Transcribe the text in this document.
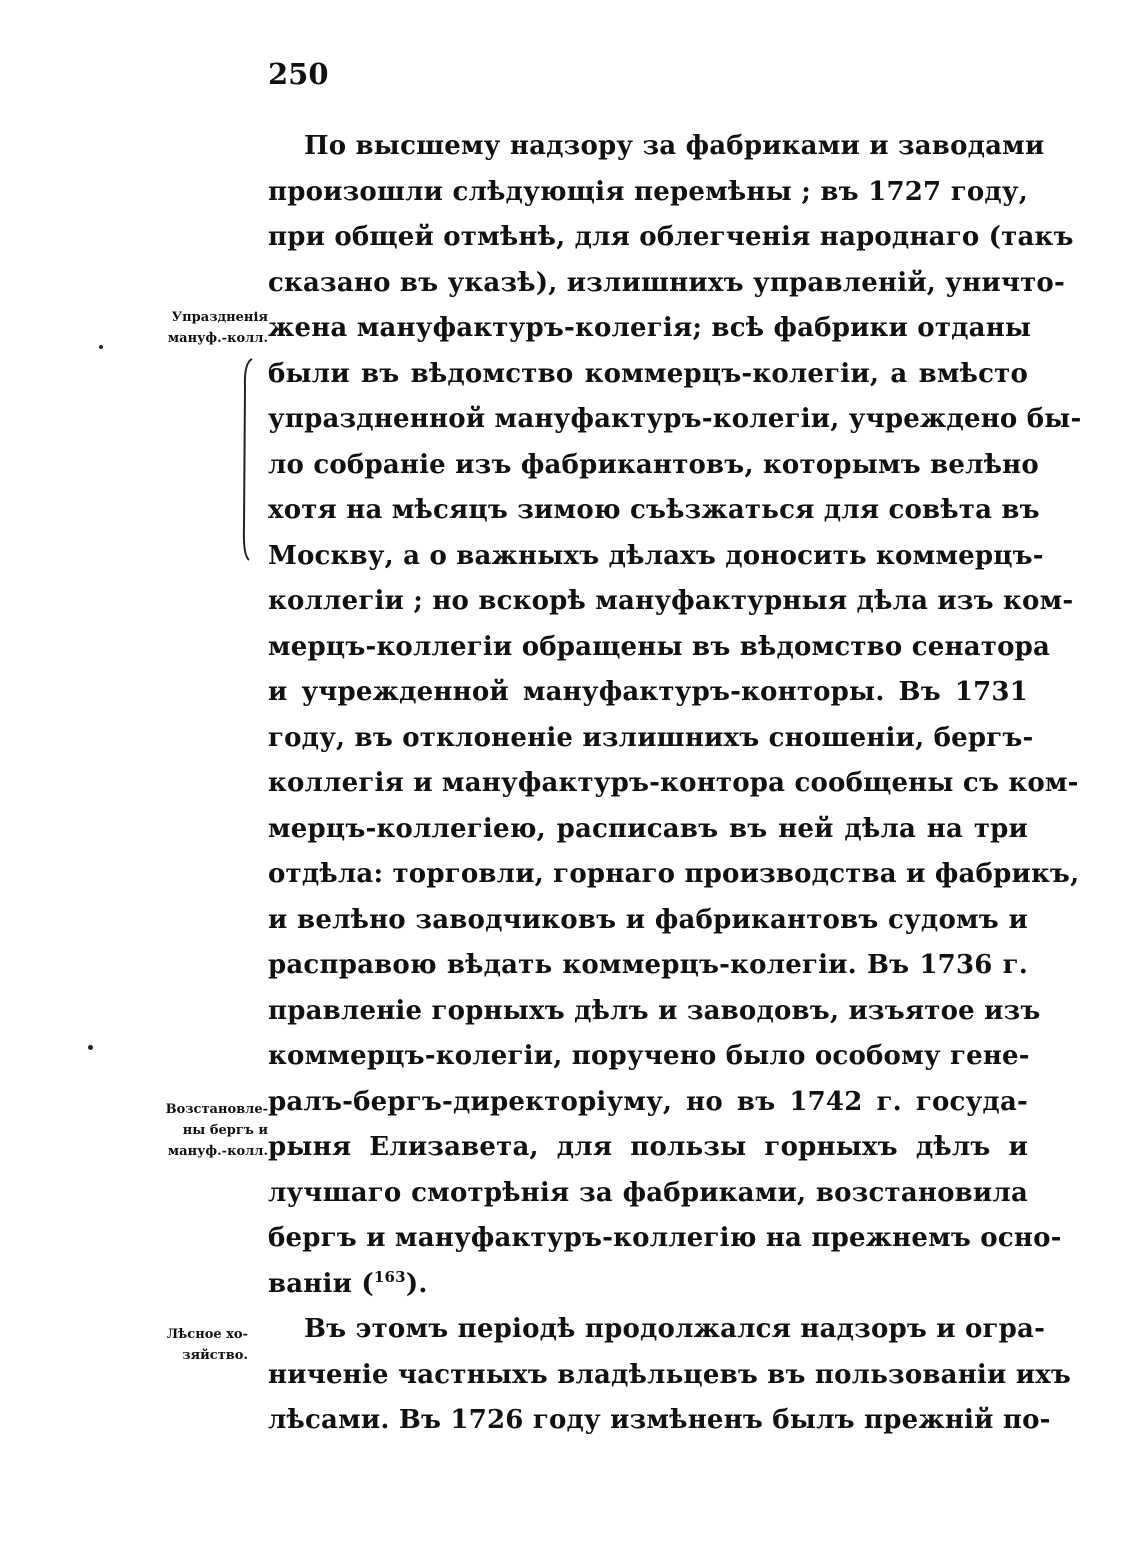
250
Упраздненія
мануф.-колл.
Возстановле-
ны бергъ и
мануф.-колл.
Лѣсное хо-
зяйство.
По высшему надзору за фабриками и заводами
произошли слѣдующія перемѣны ; въ 1727 году,
при общей отмѣнѣ, для облегченія народнаго (такъ
сказано въ указѣ), излишнихъ управленій, уничто-
жена мануфактуръ-колегія; всѣ фабрики отданы
были въ вѣдомство коммерцъ-колегіи, а вмѣсто
упраздненной мануфактуръ-колегіи, учреждено бы-
ло собраніе изъ фабрикантовъ, которымъ велѣно
хотя на мѣсяцъ зимою съѣзжаться для совѣта въ
Москву, а о важныхъ дѣлахъ доносить коммерцъ-
коллегіи ; но вскорѣ мануфактурныя дѣла изъ ком-
мерцъ-коллегіи обращены въ вѣдомство сенатора
и учрежденной мануфактуръ-конторы. Въ 1731
году, въ отклоненіе излишнихъ сношеніи, бергъ-
коллегія и мануфактуръ-контора сообщены съ ком-
мерцъ-коллегіею, расписавъ въ ней дѣла на три
отдѣла: торговли, горнаго производства и фабрикъ,
и велѣно заводчиковъ и фабрикантовъ судомъ и
расправою вѣдать коммерцъ-колегіи. Въ 1736 г.
правленіе горныхъ дѣлъ и заводовъ, изъятое изъ
коммерцъ-колегіи, поручено было особому гене-
ралъ-бергъ-директоріуму, но въ 1742 г. госуда-
рыня Елизавета, для пользы горныхъ дѣлъ и
лучшаго смотрѣнія за фабриками, возстановила
бергъ и мануфактуръ-коллегію на прежнемъ осно-
ваніи ($^{163}$).
Въ этомъ періодѣ продолжался надзоръ и огра-
ниченіе частныхъ владѣльцевъ въ пользованіи ихъ
лѣсами. Въ 1726 году измѣненъ былъ прежній по-
